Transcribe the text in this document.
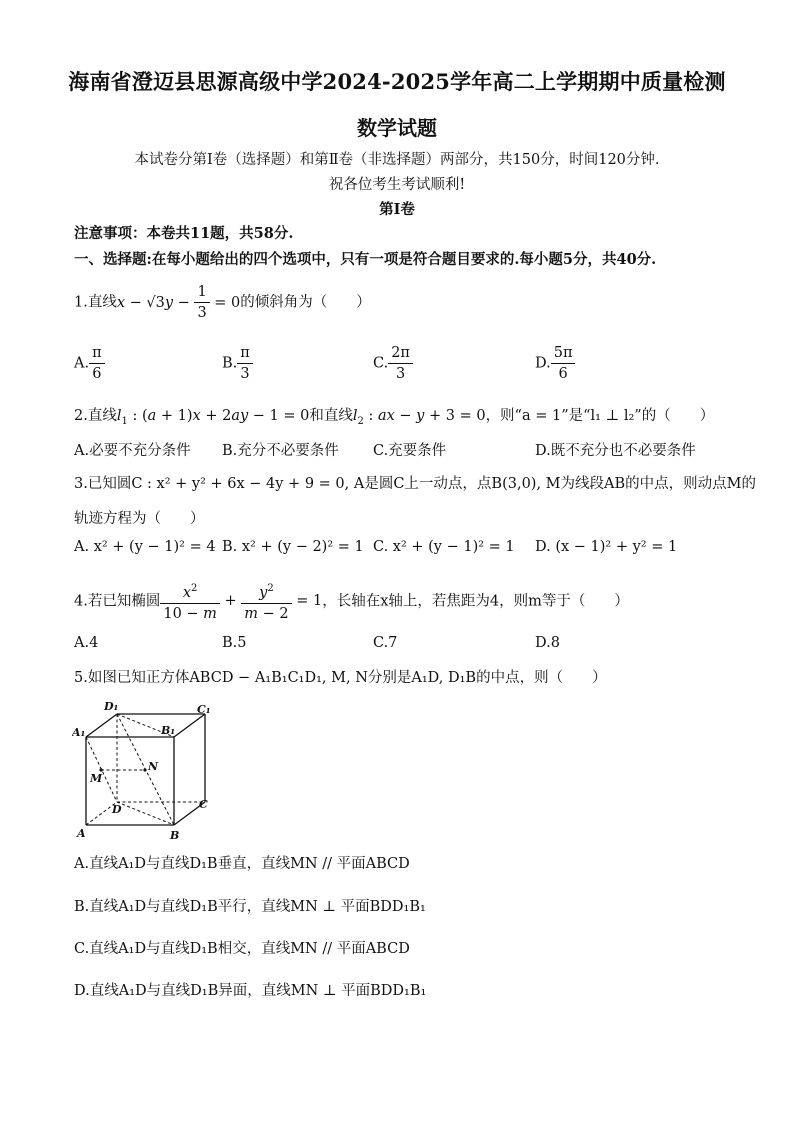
海南省澄迈县思源高级中学2024-2025学年高二上学期期中质量检测
数学试题
本试卷分第Ⅰ卷（选择题）和第Ⅱ卷（非选择题）两部分，共150分，时间120分钟.
祝各位考生考试顺利!
第Ⅰ卷
注意事项：本卷共11题，共58分.
一、选择题:在每小题给出的四个选项中，只有一项是符合题目要求的.每小题5分，共40分.
1.直线$x - √3y - \frac{1}{3} = 0$的倾斜角为（　　）
A. $\frac{\pi}{6}$	B. $\frac{\pi}{3}$	C. $\frac{2\pi}{3}$	D. $\frac{5\pi}{6}$
2.直线$l_1$ : (a + 1)x + 2ay − 1 = 0和直线$l_2$ : ax − y + 3 = 0，则“a = 1”是“l₁ ⊥ l₂”的（　　）
A.必要不充分条件 B.充分不必要条件 C.充要条件	D.既不充分也不必要条件
3.已知圆C : x² + y² + 6x − 4y + 9 = 0, A是圆C上一动点，点B(3,0), M为线段AB的中点，则动点M的
轨迹方程为（　　）
A. x² + (y − 1)² = 4 B. x² + (y − 2)² = 1 C. x² + (y − 1)² = 1 D. (x − 1)² + y² = 1
4.若已知椭圆 $\frac{x^2}{10 - m} + \frac{y^2}{m - 2} = 1$，长轴在x轴上，若焦距为4，则m等于（　　）
A.4	B.5	C.7	D.8
5.如图已知正方体ABCD − A₁B₁C₁D₁, M, N分别是A₁D, D₁B的中点，则（　　）
D₁	C₁
A₁	B₁
M
N
D	C
A	B
A.直线A₁D与直线D₁B垂直，直线MN // 平面ABCD
B.直线A₁D与直线D₁B平行，直线MN ⊥ 平面BDD₁B₁
C.直线A₁D与直线D₁B相交，直线MN // 平面ABCD
D.直线A₁D与直线D₁B异面，直线MN ⊥ 平面BDD₁B₁
